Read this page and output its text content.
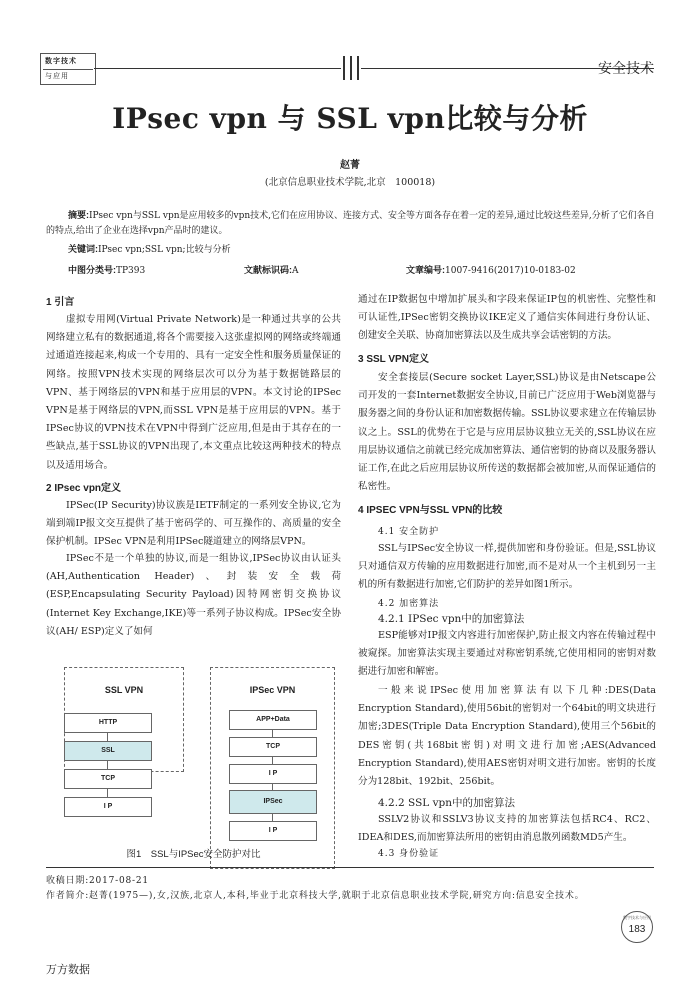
数字技术
与应用	安全技术
IPsec vpn 与 SSL vpn比较与分析
赵菁
(北京信息职业技术学院,北京　100018)
摘要:IPsec vpn与SSL vpn是应用较多的vpn技术,它们在应用协议、连接方式、安全等方面各存在着一定的差异,通过比较这些差异,分析了它们各自的特点,给出了企业在选择vpn产品时的建议。
关键词:IPsec vpn;SSL vpn;比较与分析
中图分类号:TP393	文献标识码:A	文章编号:1007-9416(2017)10-0183-02
1 引言
虚拟专用网(Virtual Private Network)是一种通过共享的公共网络建立私有的数据通道,将各个需要接入这张虚拟网的网络或终端通过通道连接起来,构成一个专用的、具有一定安全性和服务质量保证的网络。按照VPN技术实现的网络层次可以分为基于数据链路层的VPN、基于网络层的VPN和基于应用层的VPN。本文讨论的IPSec VPN是基于网络层的VPN,而SSL VPN是基于应用层的VPN。基于IPSec协议的VPN技术在VPN中得到广泛应用,但是由于其存在的一些缺点,基于SSL协议的VPN出现了,本文重点比较这两种技术的特点以及适用场合。
2 IPsec vpn定义
IPSec(IP Security)协议族是IETF制定的一系列安全协议,它为端到端IP报文交互提供了基于密码学的、可互操作的、高质量的安全保护机制。IPSec VPN是利用IPSec隧道建立的网络层VPN。
IPSec不是一个单独的协议,而是一组协议,IPSec协议由认证头(AH,Authentication Header)、封装安全载荷(ESP,Encapsulating Security Payload)因特网密钥交换协议(Internet Key Exchange,IKE)等一系列子协议构成。IPSec安全协议(AH/ ESP)定义了如何
SSL VPN	IPSec VPN
HTTP
SSL
TCP
I P
APP+Data
TCP
I P
IPSec
I P
图1　SSL与IPSec安全防护对比
通过在IP数据包中增加扩展头和字段来保证IP包的机密性、完整性和可认证性,IPSec密钥交换协议IKE定义了通信实体间进行身份认证、创建安全关联、协商加密算法以及生成共享会话密钥的方法。
3 SSL VPN定义
安全套接层(Secure socket Layer,SSL)协议是由Netscape公司开发的一套Internet数据安全协议,目前已广泛应用于Web浏览器与服务器之间的身份认证和加密数据传输。SSL协议要求建立在传输层协议之上。SSL的优势在于它是与应用层协议独立无关的,SSL协议在应用层协议通信之前就已经完成加密算法、通信密钥的协商以及服务器认证工作,在此之后应用层协议所传送的数据都会被加密,从而保证通信的私密性。
4 IPSEC VPN与SSL VPN的比较
4.1 安全防护
SSL与IPSec安全协议一样,提供加密和身份验证。但是,SSL协议只对通信双方传输的应用数据进行加密,而不是对从一个主机到另一主机的所有数据进行加密,它们防护的差异如图1所示。
4.2 加密算法
4.2.1 IPSec vpn中的加密算法
ESP能够对IP报文内容进行加密保护,防止报文内容在传输过程中被窥探。加密算法实现主要通过对称密钥系统,它使用相同的密钥对数据进行加密和解密。
一般来说IPSec使用加密算法有以下几种:DES(Data Encryption Standard),使用56bit的密钥对一个64bit的明文块进行加密;3DES(Triple Data Encryption Standard),使用三个56bit的DES密钥(共168bit密钥)对明文进行加密;AES(Advanced Encryption Standard),使用AES密钥对明文进行加密。密钥的长度分为128bit、192bit、256bit。
4.2.2 SSL vpn中的加密算法
SSLV2协议和SSLV3协议支持的加密算法包括RC4、RC2、IDEA和DES,而加密算法所用的密钥由消息散列函数MD5产生。
4.3 身份验证
收稿日期:2017-08-21
作者简介:赵菁(1975—),女,汉族,北京人,本科,毕业于北京科技大学,就职于北京信息职业技术学院,研究方向:信息安全技术。
数字技术与应用
183
万方数据
